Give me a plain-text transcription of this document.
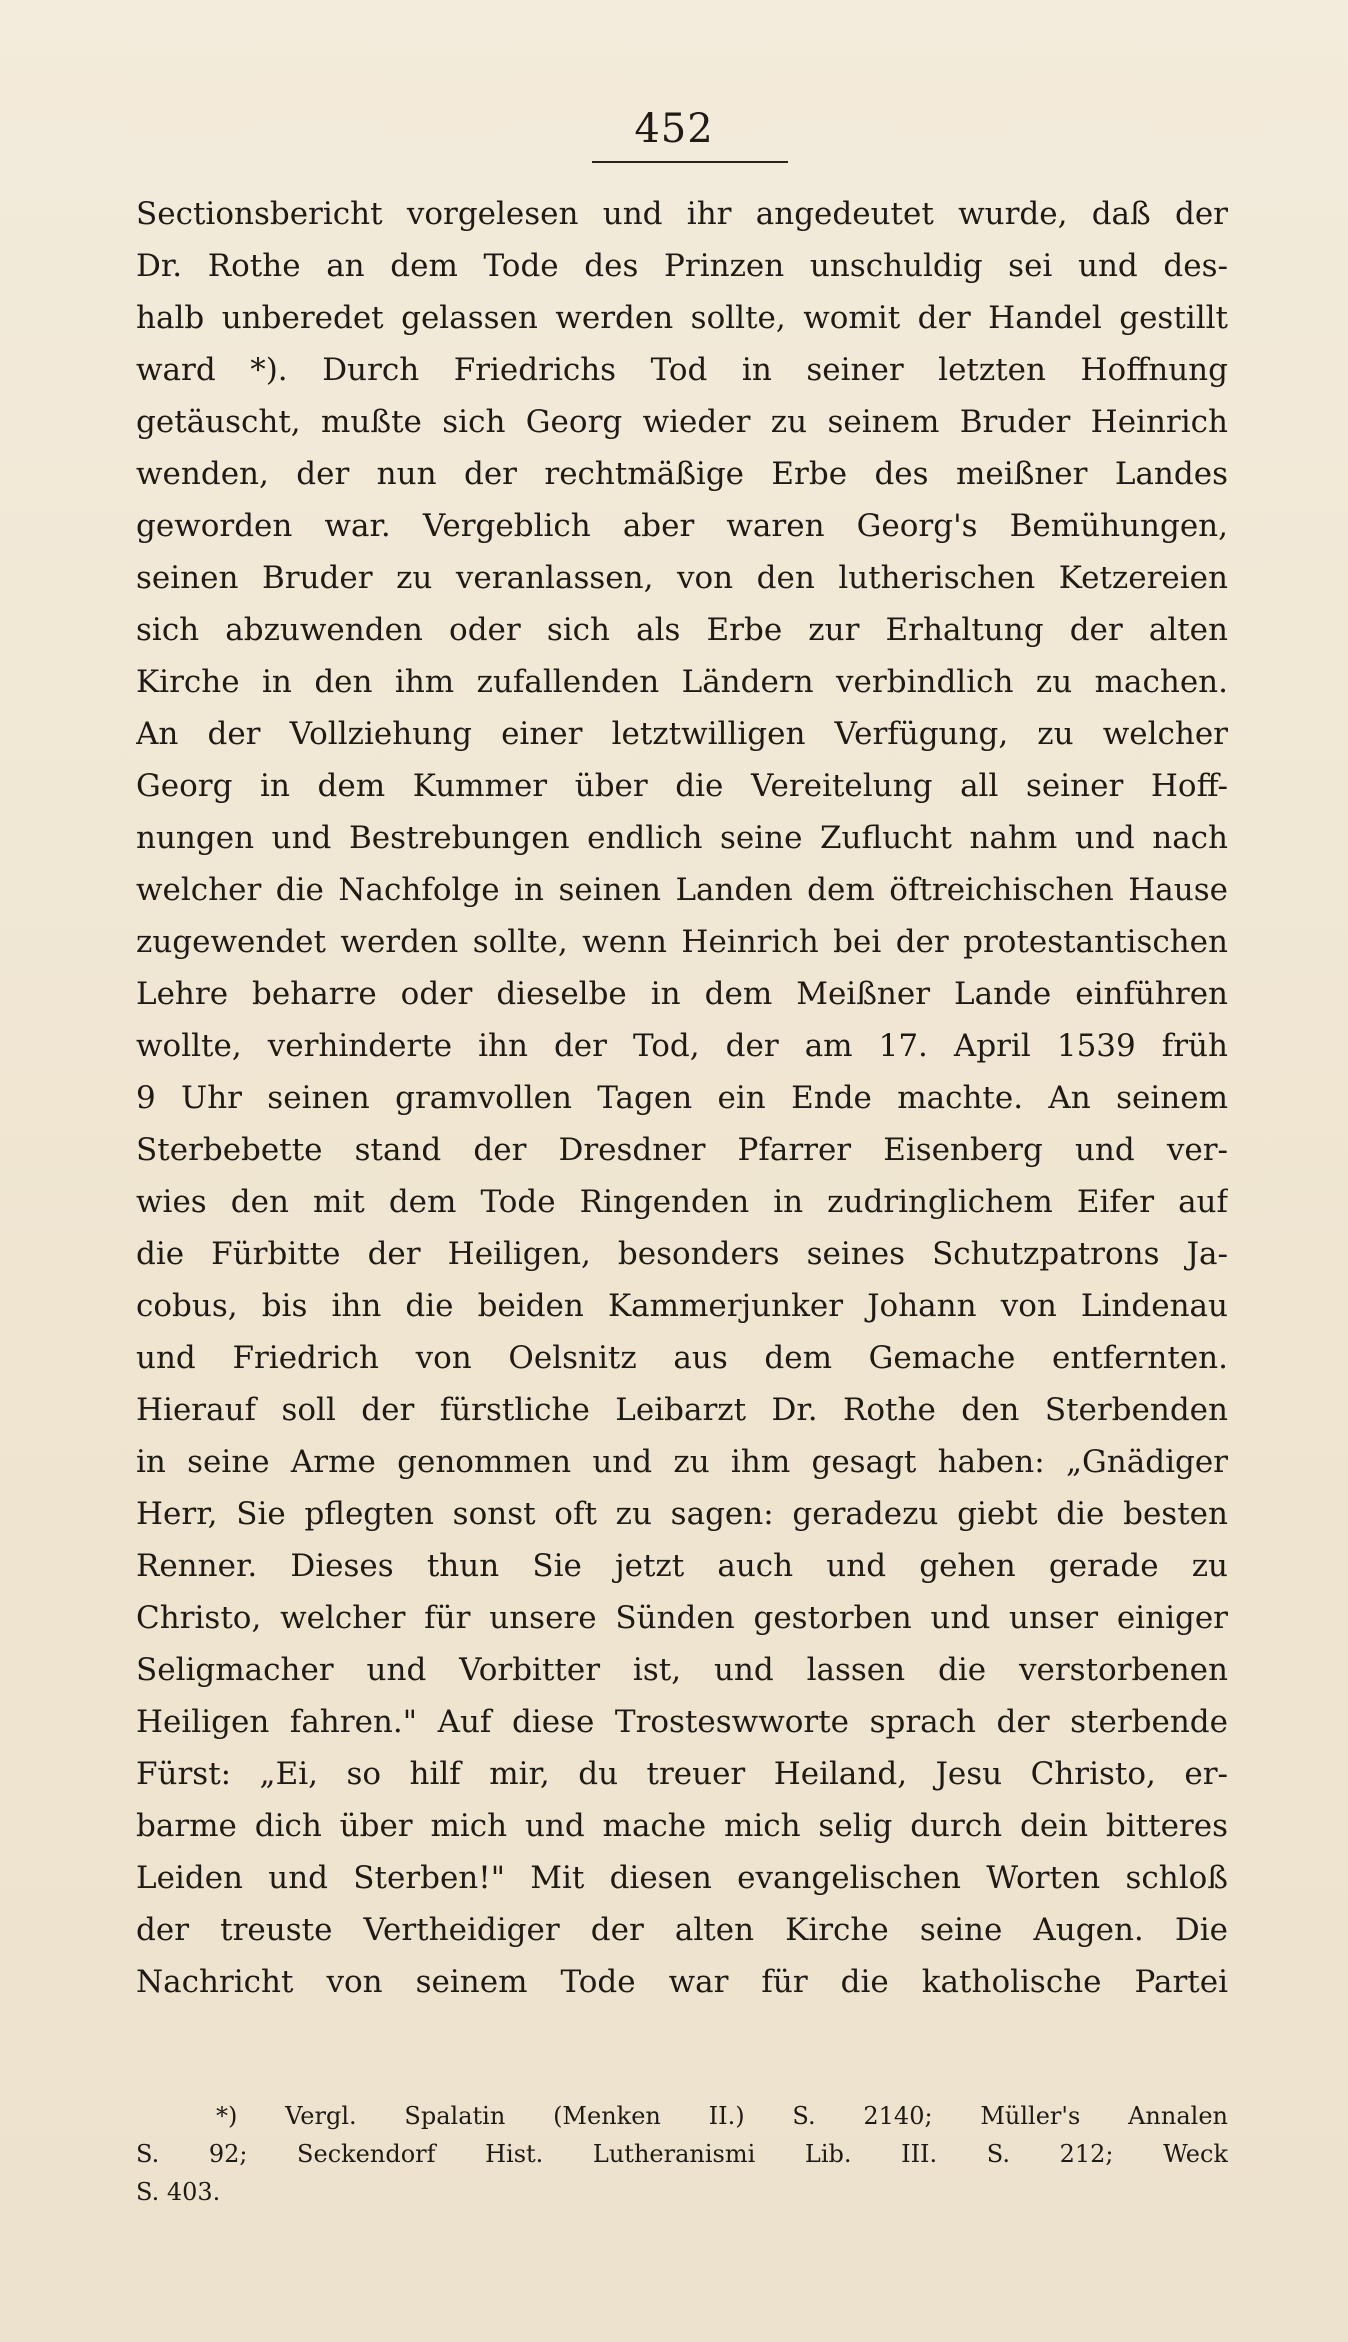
452
Sectionsbericht vorgelesen und ihr angedeutet wurde, daß der
Dr. Rothe an dem Tode des Prinzen unschuldig sei und des-
halb unberedet gelassen werden sollte, womit der Handel gestillt
ward *). Durch Friedrichs Tod in seiner letzten Hoffnung
getäuscht, mußte sich Georg wieder zu seinem Bruder Heinrich
wenden, der nun der rechtmäßige Erbe des meißner Landes
geworden war. Vergeblich aber waren Georg's Bemühungen,
seinen Bruder zu veranlassen, von den lutherischen Ketzereien
sich abzuwenden oder sich als Erbe zur Erhaltung der alten
Kirche in den ihm zufallenden Ländern verbindlich zu machen.
An der Vollziehung einer letztwilligen Verfügung, zu welcher
Georg in dem Kummer über die Vereitelung all seiner Hoff-
nungen und Bestrebungen endlich seine Zuflucht nahm und nach
welcher die Nachfolge in seinen Landen dem öftreichischen Hause
zugewendet werden sollte, wenn Heinrich bei der protestantischen
Lehre beharre oder dieselbe in dem Meißner Lande einführen
wollte, verhinderte ihn der Tod, der am 17. April 1539 früh
9 Uhr seinen gramvollen Tagen ein Ende machte. An seinem
Sterbebette stand der Dresdner Pfarrer Eisenberg und ver-
wies den mit dem Tode Ringenden in zudringlichem Eifer auf
die Fürbitte der Heiligen, besonders seines Schutzpatrons Ja-
cobus, bis ihn die beiden Kammerjunker Johann von Lindenau
und Friedrich von Oelsnitz aus dem Gemache entfernten.
Hierauf soll der fürstliche Leibarzt Dr. Rothe den Sterbenden
in seine Arme genommen und zu ihm gesagt haben: „Gnädiger
Herr, Sie pflegten sonst oft zu sagen: geradezu giebt die besten
Renner. Dieses thun Sie jetzt auch und gehen gerade zu
Christo, welcher für unsere Sünden gestorben und unser einiger
Seligmacher und Vorbitter ist, und lassen die verstorbenen
Heiligen fahren." Auf diese Trosteswworte sprach der sterbende
Fürst: „Ei, so hilf mir, du treuer Heiland, Jesu Christo, er-
barme dich über mich und mache mich selig durch dein bitteres
Leiden und Sterben!" Mit diesen evangelischen Worten schloß
der treuste Vertheidiger der alten Kirche seine Augen. Die
Nachricht von seinem Tode war für die katholische Partei
*) Vergl. Spalatin (Menken II.) S. 2140; Müller's Annalen
S. 92; Seckendorf Hist. Lutheranismi Lib. III. S. 212; Weck
S. 403.
